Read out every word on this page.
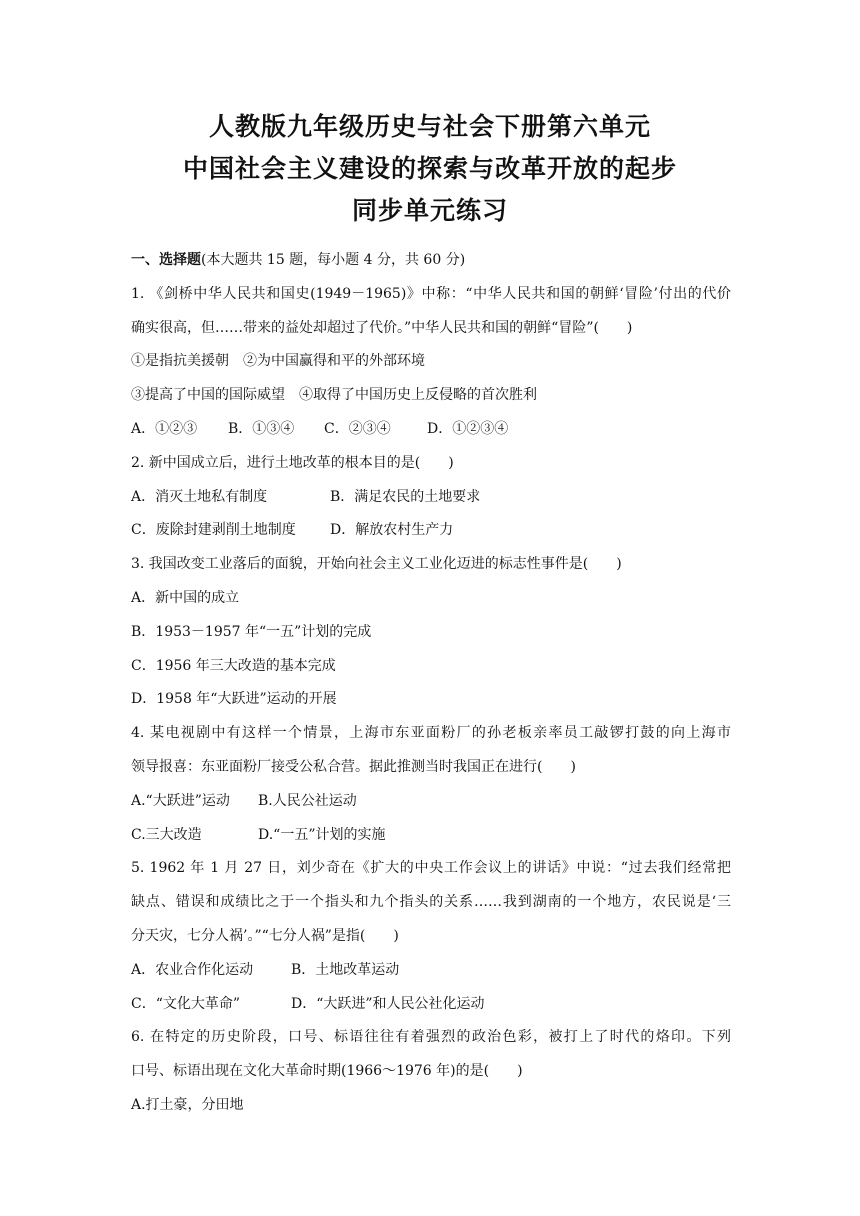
人教版九年级历史与社会下册第六单元
中国社会主义建设的探索与改革开放的起步
同步单元练习
一、选择题(本大题共 15 题，每小题 4 分，共 60 分)
1. 《剑桥中华人民共和国史(1949－1965)》中称：“中华人民共和国的朝鲜‘冒险’付出的代价
确实很高，但……带来的益处却超过了代价。”中华人民共和国的朝鲜“冒险”(　　)
①是指抗美援朝　②为中国赢得和平的外部环境
③提高了中国的国际威望　④取得了中国历史上反侵略的首次胜利
A．①②③ B．①③④ C．②③④	D．①②③④
2. 新中国成立后，进行土地改革的根本目的是(　　)
A．消灭土地私有制度	B．满足农民的土地要求
C．废除封建剥削土地制度 D．解放农村生产力
3. 我国改变工业落后的面貌，开始向社会主义工业化迈进的标志性事件是(　　)
A．新中国的成立
B．1953－1957 年“一五”计划的完成
C．1956 年三大改造的基本完成
D．1958 年“大跃进”运动的开展
4. 某电视剧中有这样一个情景，上海市东亚面粉厂的孙老板亲率员工敲锣打鼓的向上海市
领导报喜：东亚面粉厂接受公私合营。据此推测当时我国正在进行(　　)
A.“大跃进”运动 B.人民公社运动
C.三大改造	D.“一五”计划的实施
5. 1962 年 1 月 27 日，刘少奇在《扩大的中央工作会议上的讲话》中说：“过去我们经常把
缺点、错误和成绩比之于一个指头和九个指头的关系……我到湖南的一个地方，农民说是‘三
分天灾，七分人祸’。”“七分人祸”是指(　　)
A．农业合作化运动	B．土地改革运动
C．“文化大革命”	D．“大跃进”和人民公社化运动
6. 在特定的历史阶段，口号、标语往往有着强烈的政治色彩，被打上了时代的烙印。下列
口号、标语出现在文化大革命时期(1966～1976 年)的是(　　)
A.打土豪，分田地
